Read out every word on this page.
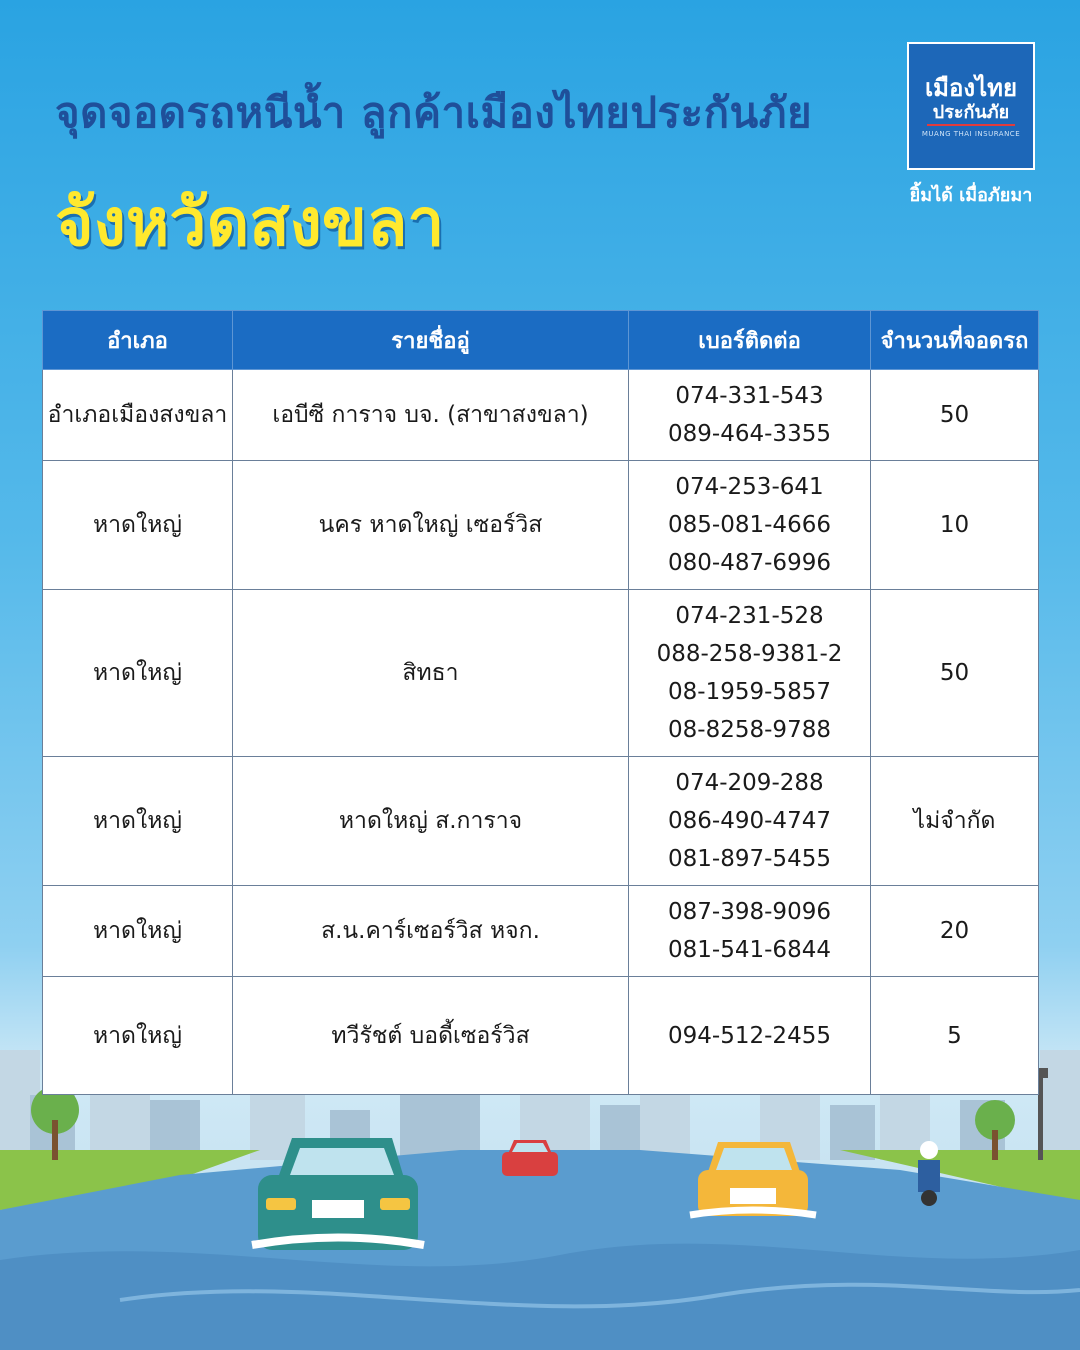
จุดจอดรถหนีน้ำ ลูกค้าเมืองไทยประกันภัย
จังหวัดสงขลา
เมืองไทย
ประกันภัย
MUANG THAI INSURANCE
ยิ้มได้ เมื่อภัยมา
อำเภอ	รายชื่ออู่	เบอร์ติดต่อ	จำนวนที่จอดรถ
อำเภอเมืองสงขลา	เอบีซี การาจ บจ. (สาขาสงขลา)	074-331-543
089-464-3355	50
หาดใหญ่	นคร หาดใหญ่ เซอร์วิส	074-253-641
085-081-4666
080-487-6996	10
หาดใหญ่	สิทธา	074-231-528
088-258-9381-2
08-1959-5857
08-8258-9788	50
หาดใหญ่	หาดใหญ่ ส.การาจ	074-209-288
086-490-4747
081-897-5455	ไม่จำกัด
หาดใหญ่	ส.น.คาร์เซอร์วิส หจก.	087-398-9096
081-541-6844	20
หาดใหญ่	ทวีรัชต์ บอดี้เซอร์วิส	094-512-2455	5
